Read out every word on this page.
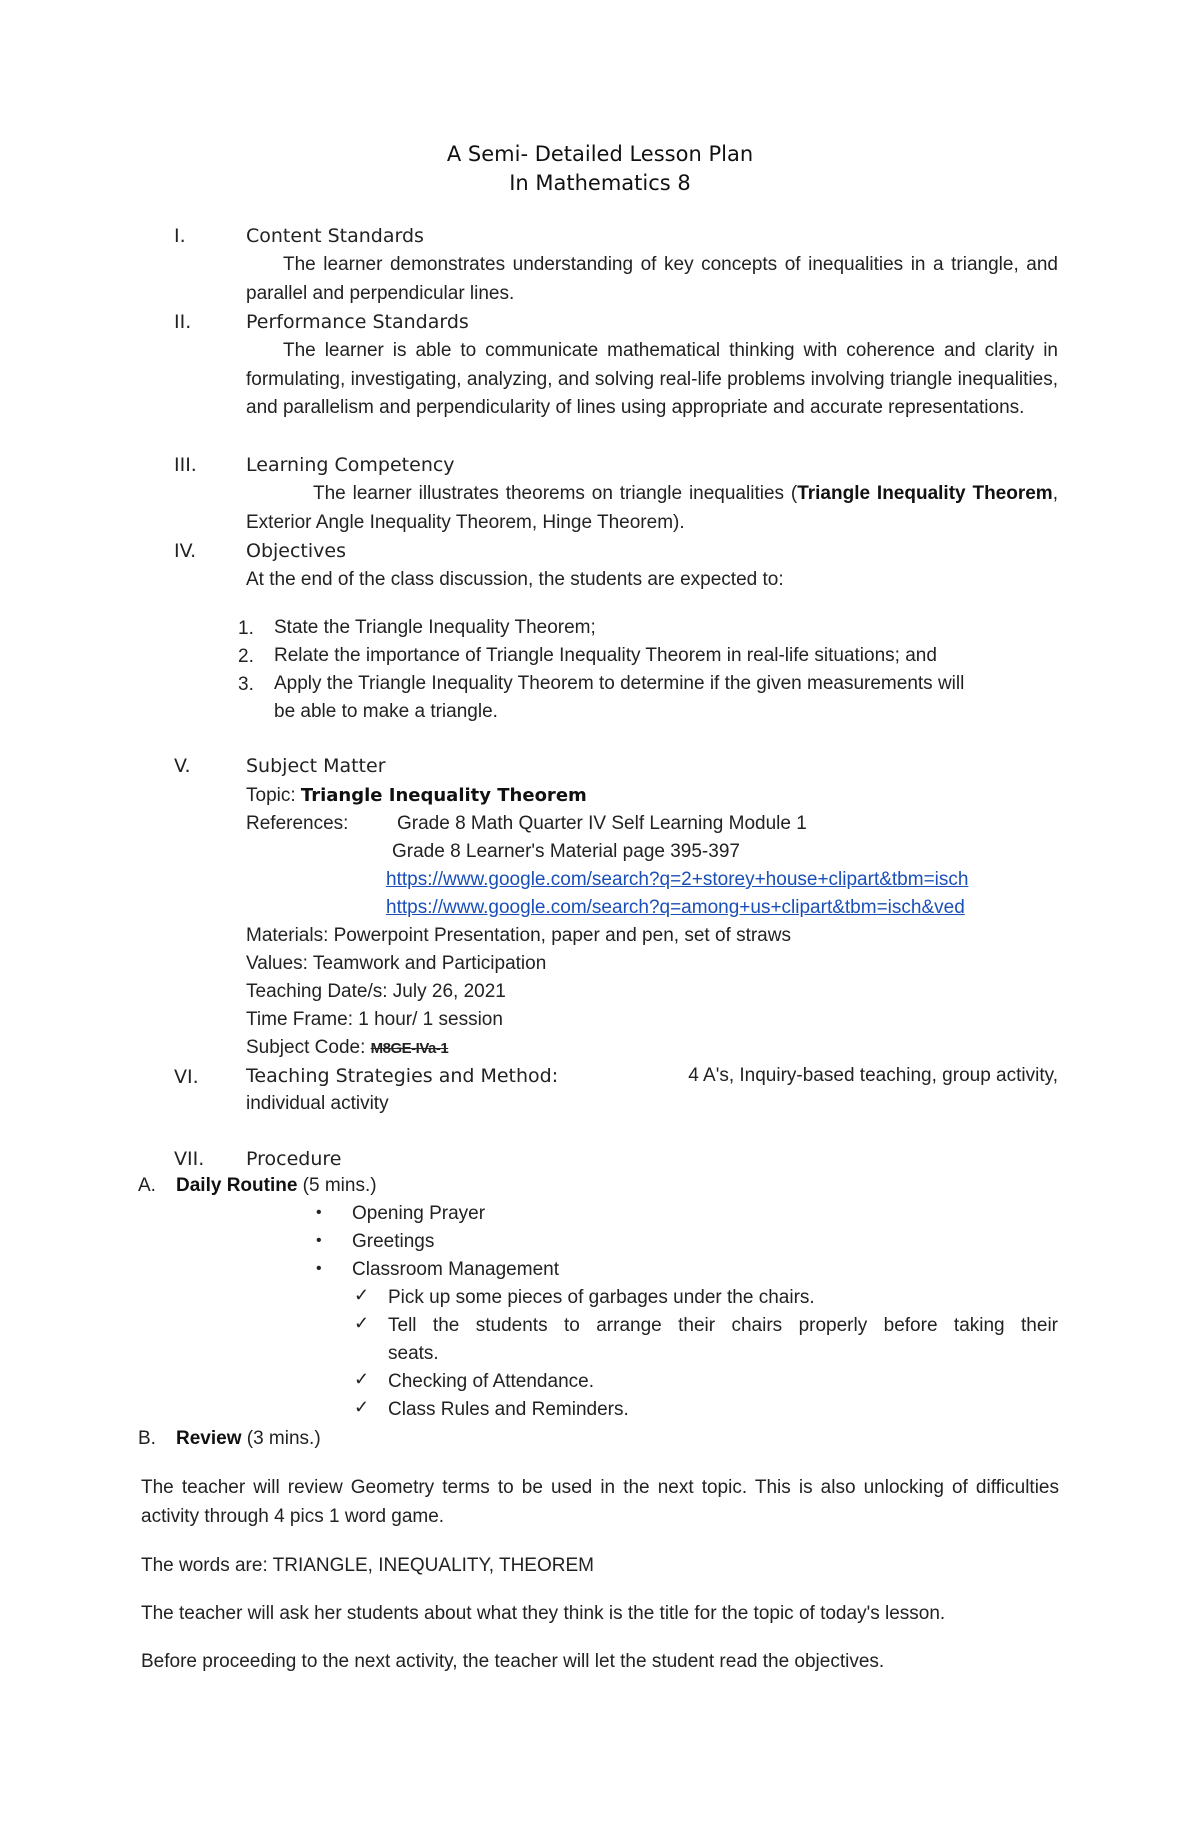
A Semi- Detailed Lesson Plan
In Mathematics 8
I.	Content Standards

The learner demonstrates understanding of key concepts of inequalities in a triangle, and parallel and perpendicular lines.

II.	Performance Standards

The learner is able to communicate mathematical thinking with coherence and clarity in formulating, investigating, analyzing, and solving real-life problems involving triangle inequalities, and parallelism and perpendicularity of lines using appropriate and accurate representations.

III.	Learning Competency

The learner illustrates theorems on triangle inequalities (Triangle Inequality Theorem, Exterior Angle Inequality Theorem, Hinge Theorem).

IV.	Objectives
At the end of the class discussion, the students are expected to:
1. State the Triangle Inequality Theorem;
2. Relate the importance of Triangle Inequality Theorem in real-life situations; and
3. Apply the Triangle Inequality Theorem to determine if the given measurements will
be able to make a triangle.
V.	Subject Matter
Topic: Triangle Inequality Theorem
References:	Grade 8 Math Quarter IV Self Learning Module 1
Grade 8 Learner's Material page 395-397
https://www.google.com/search?q=2+storey+house+clipart&tbm=isch
https://www.google.com/search?q=among+us+clipart&tbm=isch&ved
Materials: Powerpoint Presentation, paper and pen, set of straws
Values: Teamwork and Participation
Teaching Date/s: July 26, 2021
Time Frame: 1 hour/ 1 session
Subject Code: M8GE-IVa-1
VI. Teaching Strategies and Method:	4 A's, Inquiry-based teaching, group activity,
individual activity
VII. Procedure
A. Daily Routine (5 mins.)
• Opening Prayer
• Greetings
• Classroom Management
✓ Pick up some pieces of garbages under the chairs.
✓ Tell the students to arrange their chairs properly before taking their
seats.
✓ Checking of Attendance.
✓ Class Rules and Reminders.
B. Review (3 mins.)

The teacher will review Geometry terms to be used in the next topic. This is also unlocking of difficulties activity through 4 pics 1 word game.

The words are: TRIANGLE, INEQUALITY, THEOREM

The teacher will ask her students about what they think is the title for the topic of today's lesson.

Before proceeding to the next activity, the teacher will let the student read the objectives.
